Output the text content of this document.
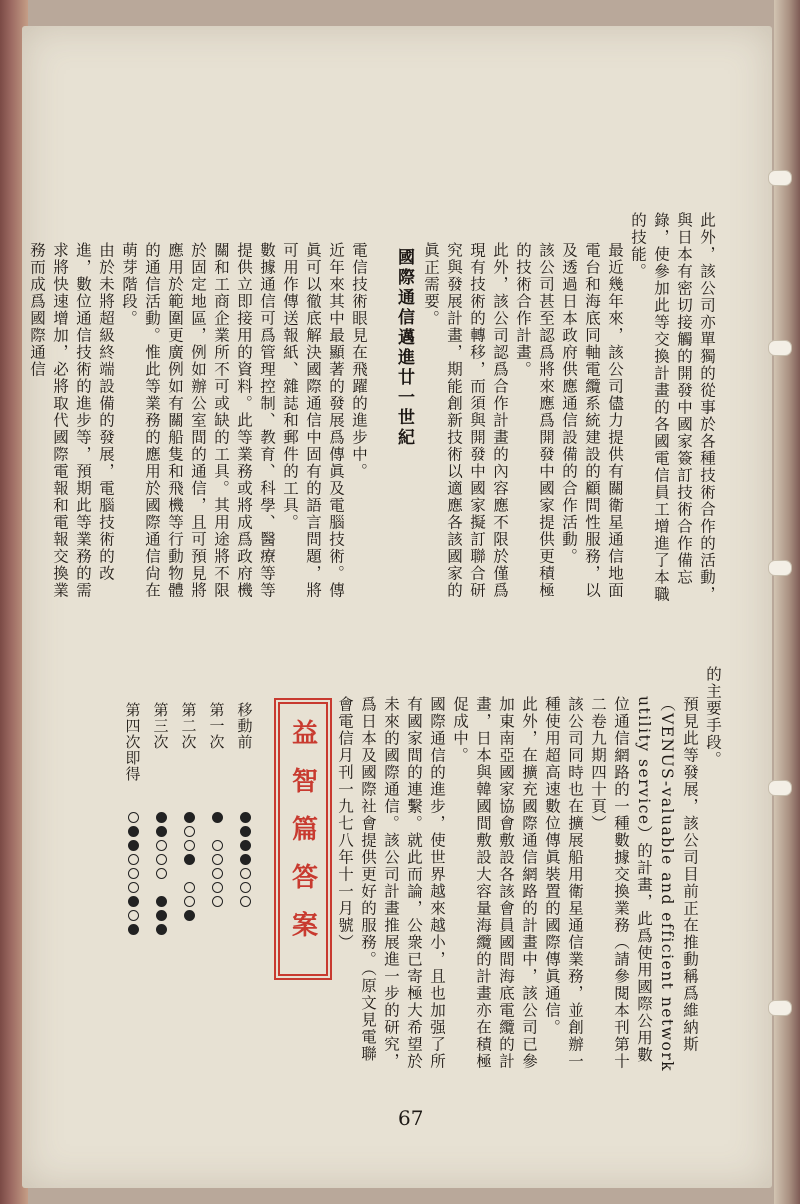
此外，該公司亦單獨的從事於各種技術合作的活動，與日本有密切接觸的開發中國家簽訂技術合作備忘錄，使參加此等交換計畫的各國電信員工增進了本職的技能。

最近幾年來，該公司儘力提供有關衛星通信地面電台和海底同軸電纜系統建設的顧問性服務，以及透過日本政府供應通信設備的合作活動。

該公司甚至認爲將來應爲開發中國家提供更積極的技術合作計畫。

此外，該公司認爲合作計畫的內容應不限於僅爲現有技術的轉移，而須與開發中國家擬訂聯合研究與發展計畫，期能創新技術以適應各該國家的眞正需要。

國際通信邁進廿一世紀

電信技術眼見在飛躍的進步中。

近年來其中最顯著的發展爲傳眞及電腦技術。傳眞可以徹底解決國際通信中固有的語言問題，將可用作傳送報紙、雜誌和郵件的工具。

數據通信可爲管理控制、教育、科學、醫療等等提供立即接用的資料。此等業務或將成爲政府機關和工商企業所不可或缺的工具。其用途將不限於固定地區，例如辦公室間的通信，且可預見將應用於範圍更廣例如有關船隻和飛機等行動物體的通信活動。惟此等業務的應用於國際通信尙在萌芽階段。

由於未將超級終端設備的發展，電腦技術的改進，數位通信技術的進步等，預期此等業務的需求將快速增加，必將取代國際電報和電報交換業務而成爲國際通信

的主要手段。

預見此等發展，該公司目前正在推動稱爲維納斯（VENUS-valuable and efficient network utility service）的計畫，此爲使用國際公用數位通信網路的一種數據交換業務（請參閱本刊第十二卷九期四十頁）

該公司同時也在擴展船用衛星通信業務，並創辦一種使用超高速數位傳眞裝置的國際傳眞通信。

此外，在擴充國際通信網路的計畫中，該公司已參加東南亞國家協會敷設各該會員國間海底電纜的計畫，日本與韓國間敷設大容量海纜的計畫亦在積極促成中。

國際通信的進步，使世界越來越小，且也加强了所有國家間的連繫。就此而論，公衆已寄極大希望於未來的國際通信。該公司計畫推展進一步的研究，爲日本及國際社會提供更好的服務。（原文見電聯會電信月刊一九七八年十一月號）

益智篇答案
移動前
第一次
第二次
第三次
第四次即得
67
